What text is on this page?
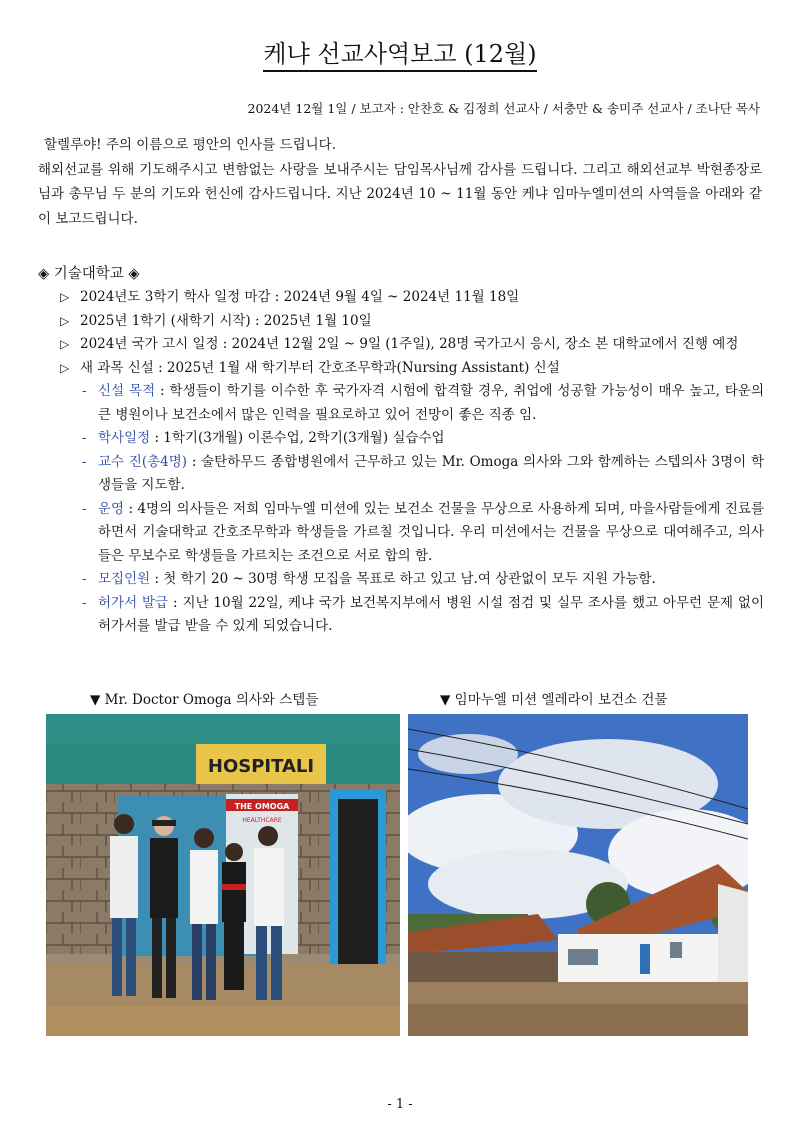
케냐 선교사역보고 (12월)
2024년 12월 1일 / 보고자 : 안찬호 & 김정희 선교사 / 서충만 & 송미주 선교사 / 조나단 목사

할렐루야! 주의 이름으로 평안의 인사를 드립니다.

해외선교를 위해 기도해주시고 변함없는 사랑을 보내주시는 담임목사님께 감사를 드립니다. 그리고 해외선교부 박현종장로님과 총무님 두 분의 기도와 헌신에 감사드립니다. 지난 2024년 10 ~ 11월 동안 케냐 임마누엘미션의 사역들을 아래와 같이 보고드립니다.

◈ 기술대학교 ◈
▷ 2024년도 3학기 학사 일정 마감 : 2024년 9월 4일 ~ 2024년 11월 18일
▷ 2025년 1학기 (새학기 시작) : 2025년 1월 10일
▷ 2024년 국가 고시 일정 : 2024년 12월 2일 ~ 9일 (1주일), 28명 국가고시 응시, 장소 본 대학교에서 진행 예정
▷ 새 과목 신설 : 2025년 1월 새 학기부터 간호조무학과(Nursing Assistant) 신설
- 신설 목적 : 학생들이 학기를 이수한 후 국가자격 시험에 합격할 경우, 취업에 성공할 가능성이 매우 높고, 타운의 큰 병원이나 보건소에서 많은 인력을 필요로하고 있어 전망이 좋은 직종 임.
- 학사일정 : 1학기(3개월) 이론수업, 2학기(3개월) 실습수업
- 교수 진(총4명) : 술탄하무드 종합병원에서 근무하고 있는 Mr. Omoga 의사와 그와 함께하는 스텝의사 3명이 학생들을 지도함.
- 운영 : 4명의 의사들은 저희 임마누엘 미션에 있는 보건소 건물을 무상으로 사용하게 되며, 마을사람들에게 진료를 하면서 기술대학교 간호조무학과 학생들을 가르칠 것입니다. 우리 미션에서는 건물을 무상으로 대여해주고, 의사들은 무보수로 학생들을 가르치는 조건으로 서로 합의 함.
- 모집인원 : 첫 학기 20 ~ 30명 학생 모집을 목표로 하고 있고 남.여 상관없이 모두 지원 가능함.
- 허가서 발급 : 지난 10월 22일, 케냐 국가 보건복지부에서 병원 시설 점검 및 실무 조사를 했고 아무런 문제 없이 허가서를 발급 받을 수 있게 되었습니다.
▼ Mr. Doctor Omoga 의사와 스텝들	▼ 임마누엘 미션 엘레라이 보건소 건물
HOSPITALI
THE OMOGA
HEALTHCARE
- 1 -
